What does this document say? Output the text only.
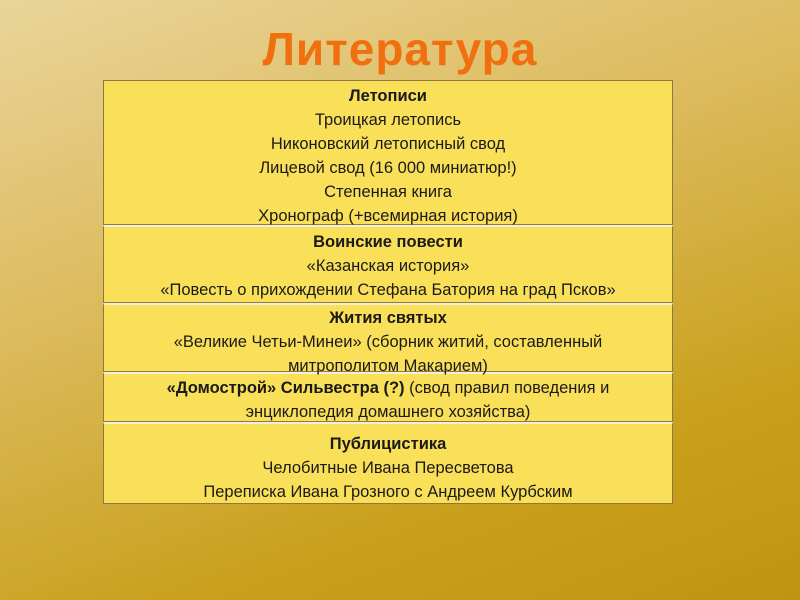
Литература
Летописи
Троицкая летопись
Никоновский летописный свод
Лицевой свод (16 000 миниатюр!)
Степенная книга
Хронограф (+всемирная история)
Воинские повести
«Казанская история»
«Повесть о прихождении Стефана Батория на град Псков»
Жития святых
«Великие Четьи-Минеи» (сборник житий, составленный
митрополитом Макарием)
«Домострой» Сильвестра (?) (свод правил поведения и
энциклопедия домашнего хозяйства)
Публицистика
Челобитные Ивана Пересветова
Переписка Ивана Грозного с Андреем Курбским
